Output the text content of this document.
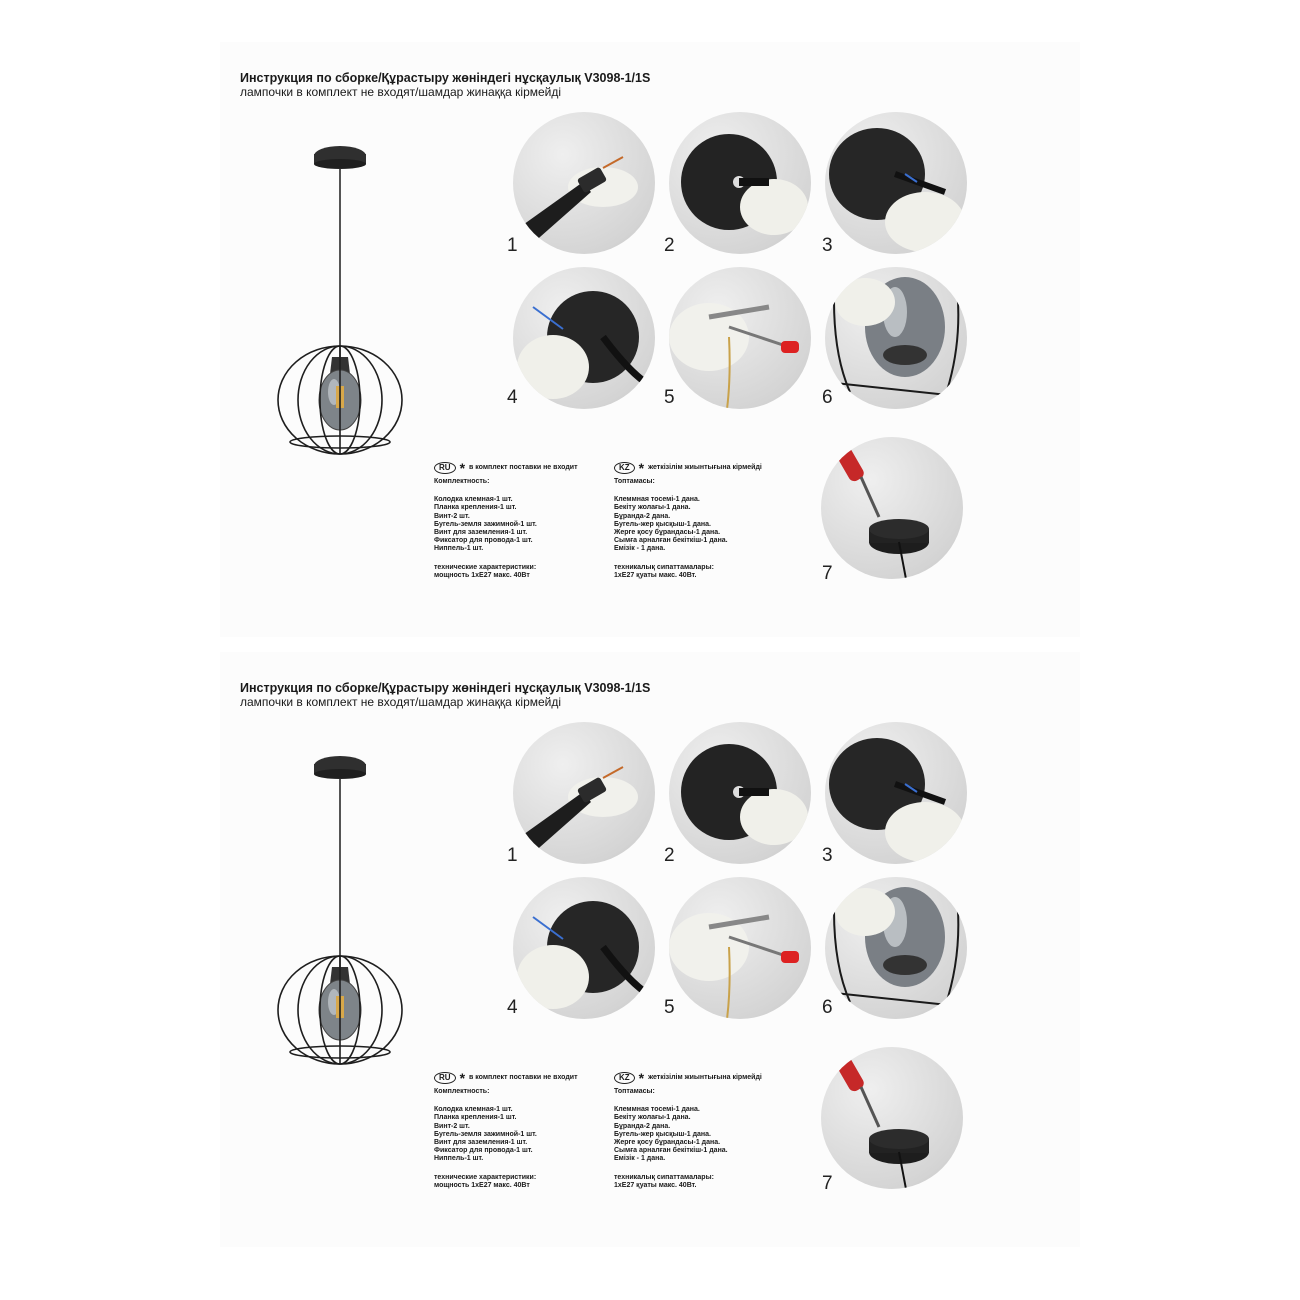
Инструкция по сборке/Құрастыру жөніндегі нұсқаулық V3098-1/1S

лампочки в комплект не входят/шамдар жинаққа кірмейді

1	2	3
4	5	6
7
RU * в комплект поставки не входит
Комплектность:
Колодка клемная-1 шт.
Планка крепления-1 шт.
Винт-2 шт.
Бугель-земля зажимной-1 шт.
Винт для заземления-1 шт.
Фиксатор для провода-1 шт.
Ниппель-1 шт.
технические характеристики:
мощность 1хЕ27 макс. 40Вт
KZ * жеткізілім жиынтығына кірмейді
Топтамасы:
Клеммная тосемі-1 дана.
Бекіту жолағы-1 дана.
Бұранда-2 дана.
Бугель-жер қысқыш-1 дана.
Жерге қосу бұрандасы-1 дана.
Сымға арналған бекіткіш-1 дана.
Емізік - 1 дана.
техникалық сипаттамалары:
1хЕ27 қуаты макс. 40Вт.

Инструкция по сборке/Құрастыру жөніндегі нұсқаулық V3098-1/1S

лампочки в комплект не входят/шамдар жинаққа кірмейді

1	2	3
4	5	6
7
RU * в комплект поставки не входит
Комплектность:
Колодка клемная-1 шт.
Планка крепления-1 шт.
Винт-2 шт.
Бугель-земля зажимной-1 шт.
Винт для заземления-1 шт.
Фиксатор для провода-1 шт.
Ниппель-1 шт.
технические характеристики:
мощность 1хЕ27 макс. 40Вт
KZ * жеткізілім жиынтығына кірмейді
Топтамасы:
Клеммная тосемі-1 дана.
Бекіту жолағы-1 дана.
Бұранда-2 дана.
Бугель-жер қысқыш-1 дана.
Жерге қосу бұрандасы-1 дана.
Сымға арналған бекіткіш-1 дана.
Емізік - 1 дана.
техникалық сипаттамалары:
1хЕ27 қуаты макс. 40Вт.
